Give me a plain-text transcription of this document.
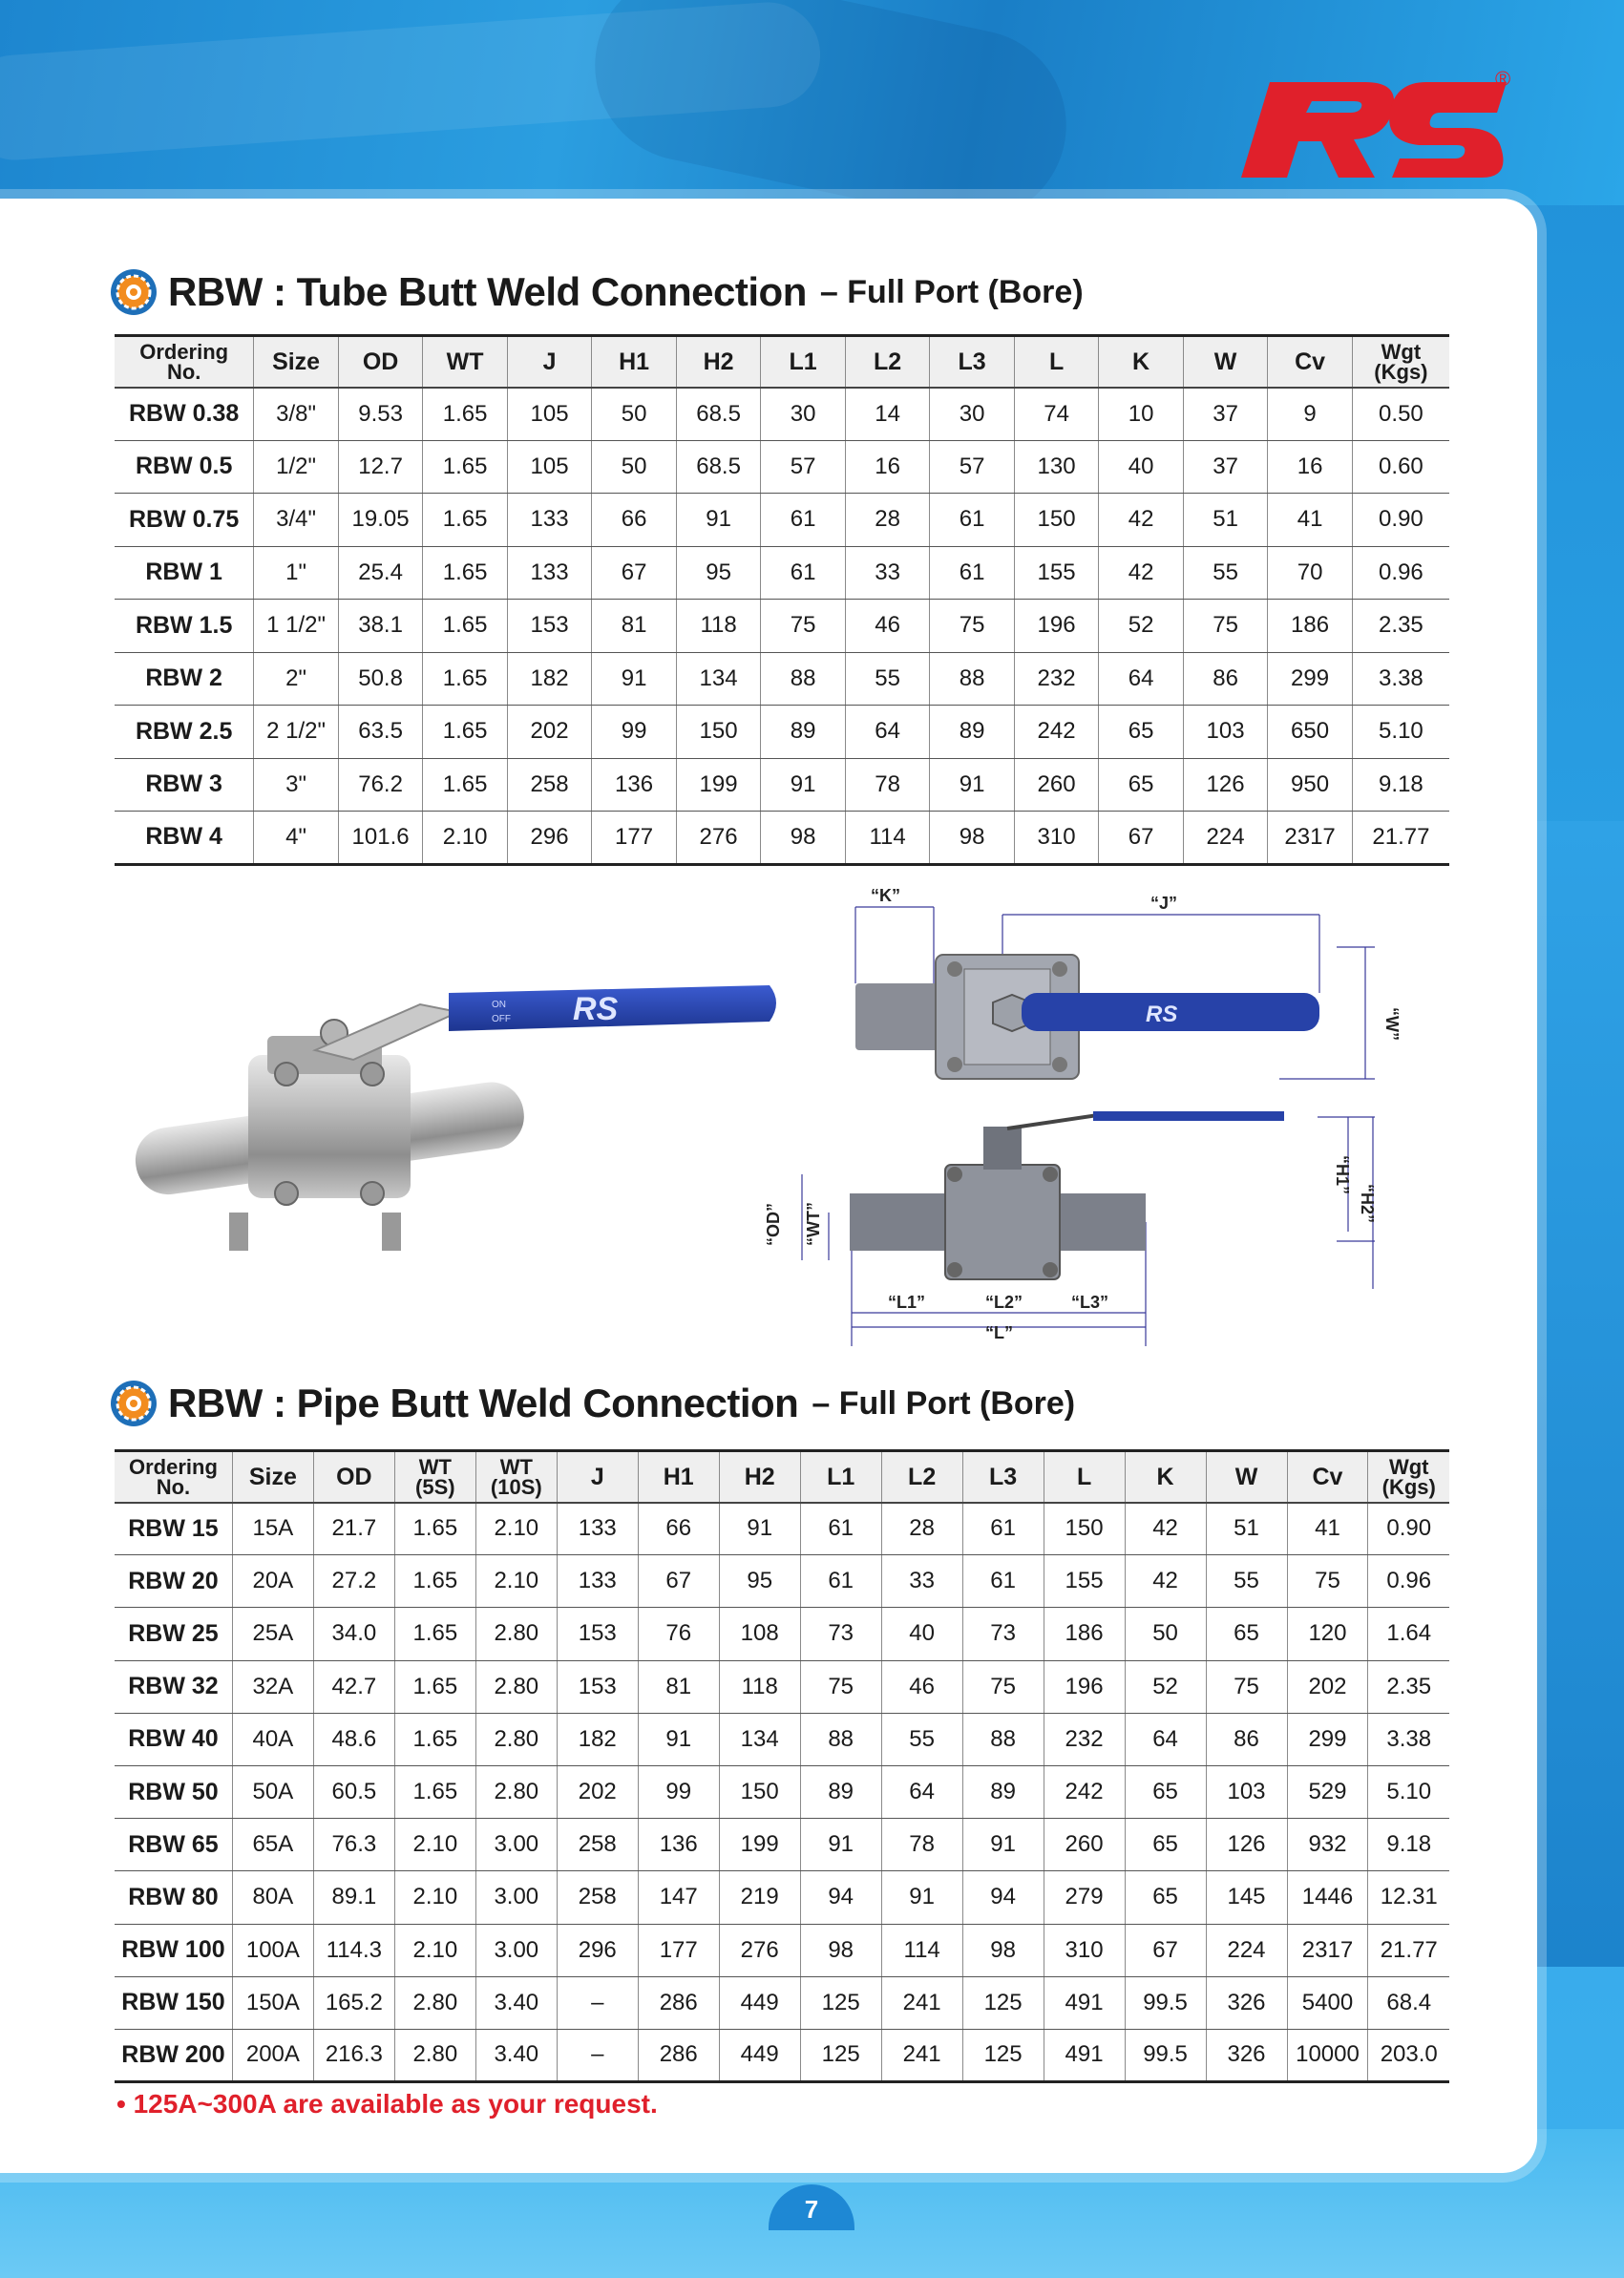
®
RBW : Tube Butt Weld Connection – Full Port (Bore)
Ordering
No.	Size	OD	WT	J	H1	H2	L1	L2	L3	L	K	W	Cv	Wgt
(Kgs)

RBW 0.38	3/8"	9.53	1.65	105	50	68.5	30	14	30	74	10	37	9	0.50
RBW 0.5	1/2"	12.7	1.65	105	50	68.5	57	16	57	130	40	37	16	0.60
RBW 0.75	3/4"	19.05	1.65	133	66	91	61	28	61	150	42	51	41	0.90
RBW 1	1"	25.4	1.65	133	67	95	61	33	61	155	42	55	70	0.96
RBW 1.5	1 1/2"	38.1	1.65	153	81	118	75	46	75	196	52	75	186	2.35
RBW 2	2"	50.8	1.65	182	91	134	88	55	88	232	64	86	299	3.38
RBW 2.5	2 1/2"	63.5	1.65	202	99	150	89	64	89	242	65	103	650	5.10
RBW 3	3"	76.2	1.65	258	136	199	91	78	91	260	65	126	950	9.18
RBW 4	4"	101.6	2.10	296	177	276	98	114	98	310	67	224	2317	21.77
RS
ON
OFF	RS
“K”	“J”
“W”
“H1”
“H2”
“OD” “WT”
“L1”	“L2”	“L3”
“L”
RBW : Pipe Butt Weld Connection – Full Port (Bore)
Ordering
No.	Size	OD	WT
(5S)	WT
(10S)	J	H1	H2	L1	L2	L3	L	K	W	Cv	Wgt
(Kgs)

RBW 15	15A	21.7	1.65	2.10	133	66	91	61	28	61	150	42	51	41	0.90
RBW 20	20A	27.2	1.65	2.10	133	67	95	61	33	61	155	42	55	75	0.96
RBW 25	25A	34.0	1.65	2.80	153	76	108	73	40	73	186	50	65	120	1.64
RBW 32	32A	42.7	1.65	2.80	153	81	118	75	46	75	196	52	75	202	2.35
RBW 40	40A	48.6	1.65	2.80	182	91	134	88	55	88	232	64	86	299	3.38
RBW 50	50A	60.5	1.65	2.80	202	99	150	89	64	89	242	65	103	529	5.10
RBW 65	65A	76.3	2.10	3.00	258	136	199	91	78	91	260	65	126	932	9.18
RBW 80	80A	89.1	2.10	3.00	258	147	219	94	91	94	279	65	145	1446	12.31
RBW 100	100A	114.3	2.10	3.00	296	177	276	98	114	98	310	67	224	2317	21.77
RBW 150	150A	165.2	2.80	3.40	–	286	449	125	241	125	491	99.5	326	5400	68.4
RBW 200	200A	216.3	2.80	3.40	–	286	449	125	241	125	491	99.5	326	10000	203.0
• 125A~300A are available as your request.
7
